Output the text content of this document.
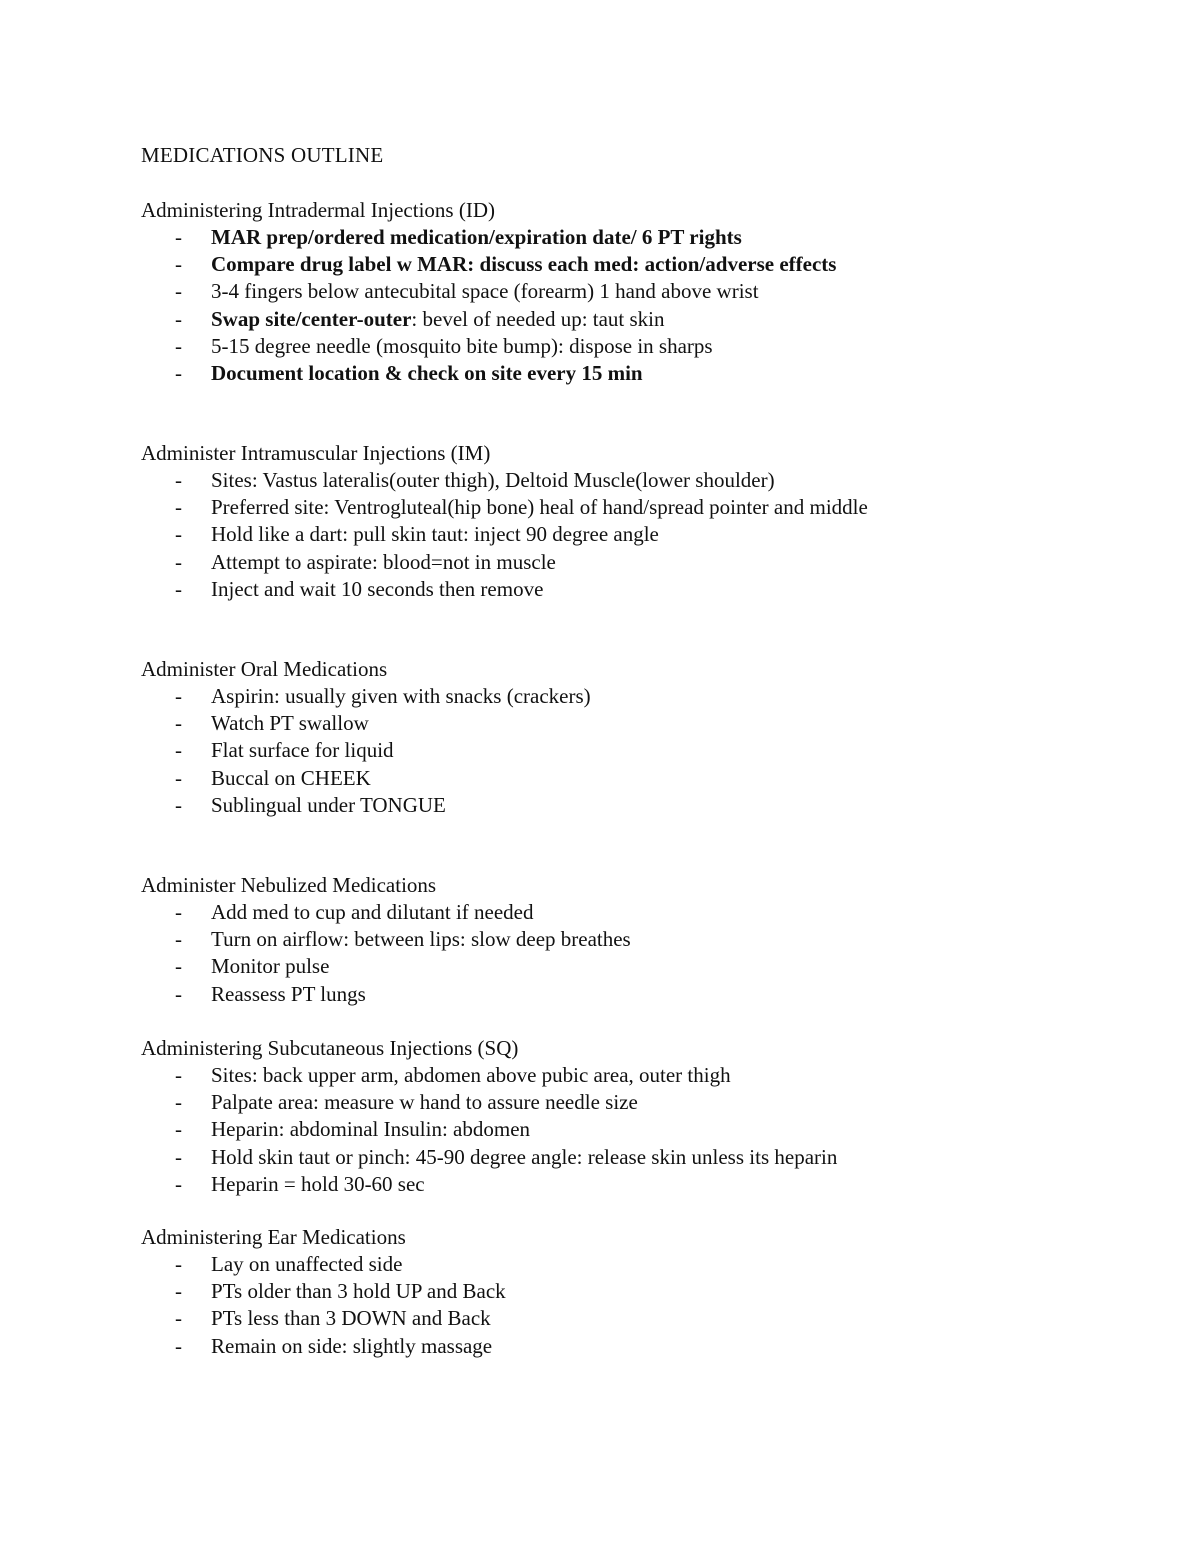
MEDICATIONS OUTLINE
Administering Intradermal Injections (ID)
- MAR prep/ordered medication/expiration date/ 6 PT rights
- Compare drug label w MAR: discuss each med: action/adverse effects
- 3-4 fingers below antecubital space (forearm) 1 hand above wrist
- Swap site/center-outer: bevel of needed up: taut skin
- 5-15 degree needle (mosquito bite bump): dispose in sharps
- Document location & check on site every 15 min
Administer Intramuscular Injections (IM)
- Sites: Vastus lateralis(outer thigh), Deltoid Muscle(lower shoulder)
- Preferred site: Ventrogluteal(hip bone) heal of hand/spread pointer and middle
- Hold like a dart: pull skin taut: inject 90 degree angle
- Attempt to aspirate: blood=not in muscle
- Inject and wait 10 seconds then remove
Administer Oral Medications
- Aspirin: usually given with snacks (crackers)
- Watch PT swallow
- Flat surface for liquid
- Buccal on CHEEK
- Sublingual under TONGUE
Administer Nebulized Medications
- Add med to cup and dilutant if needed
- Turn on airflow: between lips: slow deep breathes
- Monitor pulse
- Reassess PT lungs
Administering Subcutaneous Injections (SQ)
- Sites: back upper arm, abdomen above pubic area, outer thigh
- Palpate area: measure w hand to assure needle size
- Heparin: abdominal Insulin: abdomen
- Hold skin taut or pinch: 45-90 degree angle: release skin unless its heparin
- Heparin = hold 30-60 sec
Administering Ear Medications
- Lay on unaffected side
- PTs older than 3 hold UP and Back
- PTs less than 3 DOWN and Back
- Remain on side: slightly massage
